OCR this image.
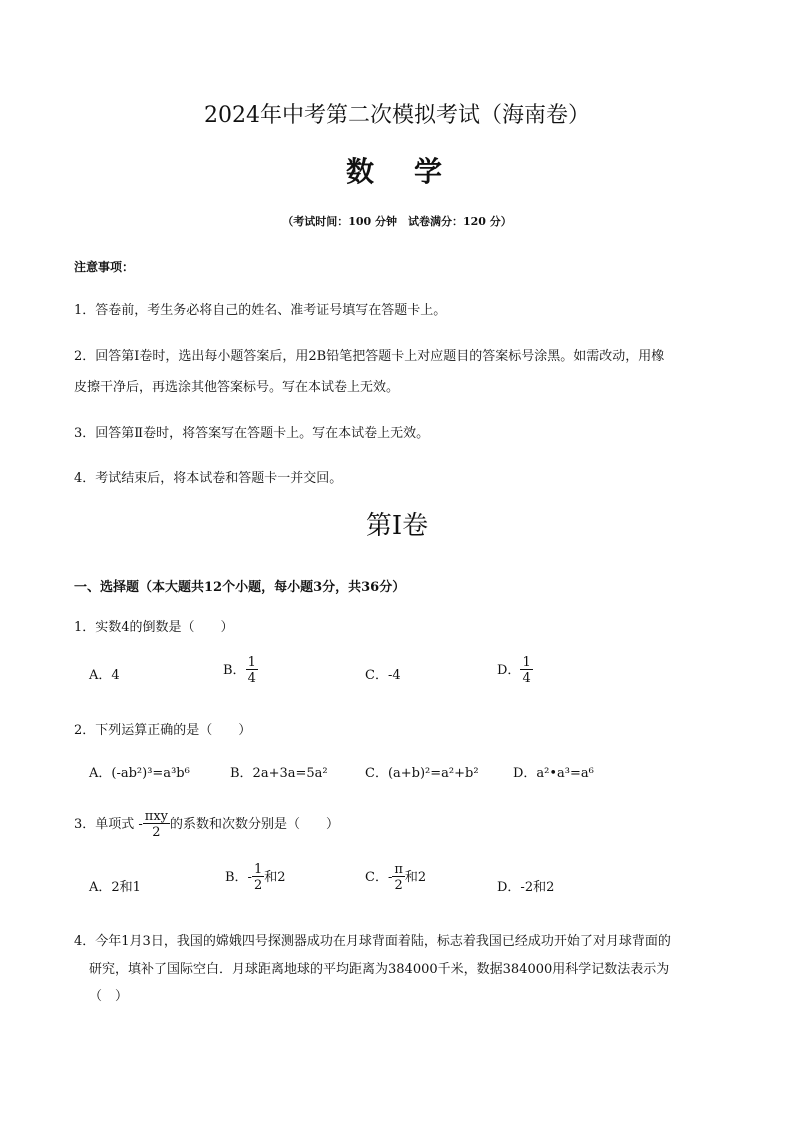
2024年中考第二次模拟考试（海南卷）
数　学
（考试时间：100 分钟　试卷满分：120 分）
注意事项：
1．答卷前，考生务必将自己的姓名、准考证号填写在答题卡上。
2．回答第Ⅰ卷时，选出每小题答案后，用2B铅笔把答题卡上对应题目的答案标号涂黑。如需改动，用橡
皮擦干净后，再选涂其他答案标号。写在本试卷上无效。
3．回答第Ⅱ卷时，将答案写在答题卡上。写在本试卷上无效。
4．考试结束后，将本试卷和答题卡一并交回。
第Ⅰ卷
一、选择题（本大题共12个小题，每小题3分，共36分）
1．实数4的倒数是（　　）
A．4	B． $\frac{1}{4}$	C．-4	D． $\frac{1}{4}$
2．下列运算正确的是（　　）
A．(-ab²)³=a³b⁶	B．2a+3a=5a²	C．(a+b)²=a²+b²	D．a²•a³=a⁶
3．单项式 - $\frac{\text{πxy}}{2}$ 的系数和次数分别是（　　）
A．2和1
B．- $\frac{1}{2}$ 和2	C．- $\frac{\pi}{2}$ 和2
D．-2和2
4．今年1月3日，我国的嫦娥四号探测器成功在月球背面着陆，标志着我国已经成功开始了对月球背面的
研究，填补了国际空白．月球距离地球的平均距离为384000千米，数据384000用科学记数法表示为
（　）
